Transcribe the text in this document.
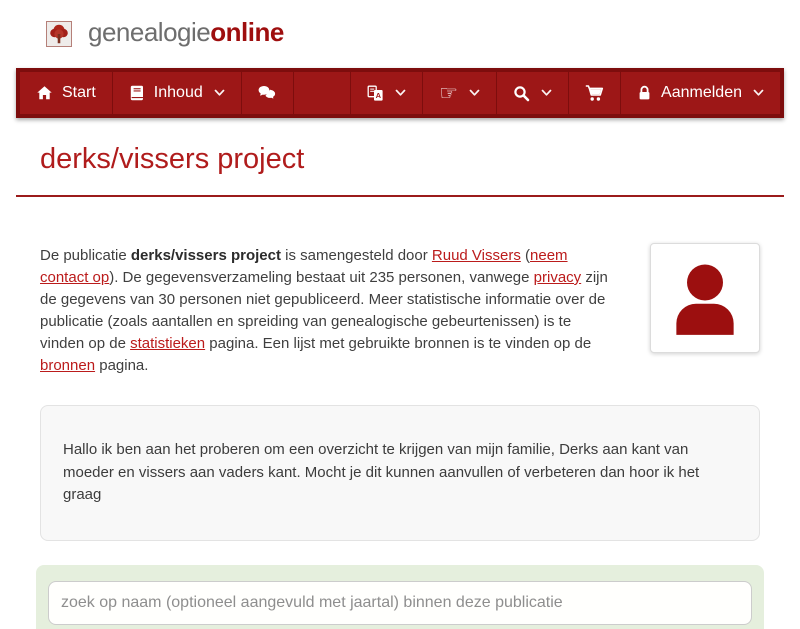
genealogieonline
Start	Inhoud	A	☞	Aanmelden
derks/vissers project

De publicatie derks/vissers project is samengesteld door Ruud Vissers (neem contact op). De gegevensverzameling bestaat uit 235 personen, vanwege privacy zijn de gegevens van 30 personen niet gepubliceerd. Meer statistische informatie over de publicatie (zoals aantallen en spreiding van genealogische gebeurtenissen) is te vinden op de statistieken pagina. Een lijst met gebruikte bronnen is te vinden op de bronnen pagina.

Hallo ik ben aan het proberen om een overzicht te krijgen van mijn familie, Derks aan kant van moeder en vissers aan vaders kant. Mocht je dit kunnen aanvullen of verbeteren dan hoor ik het graag

zoek op naam (optioneel aangevuld met jaartal) binnen deze publicatie
